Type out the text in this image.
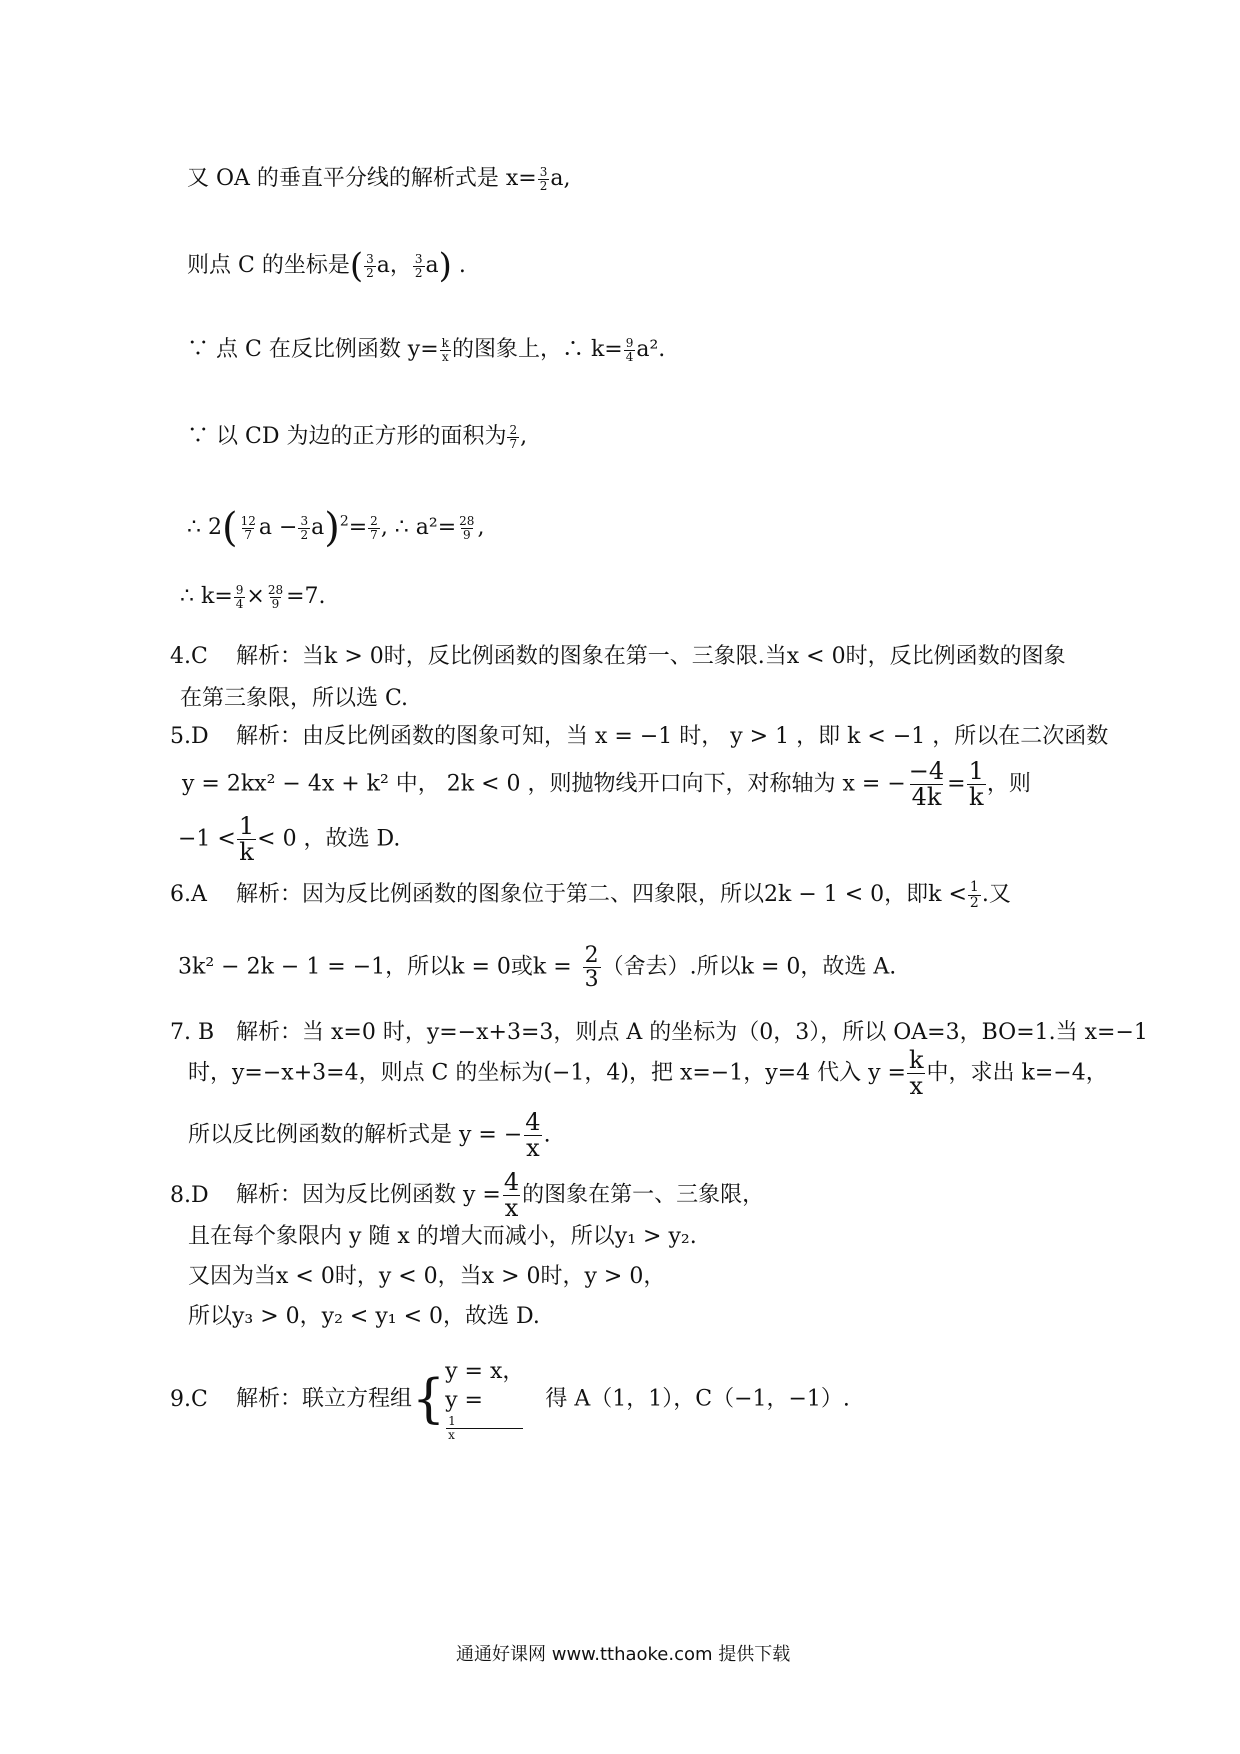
又 OA 的垂直平分线的解析式是 $x= \frac{3}{2} a$,
则点 C 的坐标是( $\frac{3}{2}$ a， $\frac{3}{2} a$) .
∵ 点 C 在反比例函数 $y= \frac{k}{x}$ 的图象上，∴ $k= \frac{9}{4} a^2$.
∵ 以 CD 为边的正方形的面积为 $\frac{2}{7}$ ,
∴ $2( \frac{12}{7}$ $a - \frac{3}{2} a)^2= \frac{2}{7}$ , ∴ $a^2= \frac{28}{9}$ ,
∴ $k= \frac{9}{4} \times \frac{28}{9} =7$.
4.C 解析：当k > 0时，反比例函数的图象在第一、三象限.当x < 0时，反比例函数的图象
在第三象限，所以选 C.
5.D 解析：由反比例函数的图象可知，当 x = −1 时， y > 1 ，即 k < −1 ，所以在二次函数
y = 2kx² − 4x + k² 中， 2k < 0 ，则抛物线开口向下，对称轴为 x = − $\frac{-4}{4k} = \frac{1}{k}$ ，则
$-1 < \frac{1}{k} < 0$ ，故选 D.
6.A 解析：因为反比例函数的图象位于第二、四象限，所以2k − 1 < 0，即$k < \frac{1}{2}$ .又
3k² − 2k − 1 = −1，所以k = 0或$k = \frac{2}{3}$ （舍去）.所以k = 0，故选 A.
7. B 解析：当 x=0 时，y=−x+3=3，则点 A 的坐标为（0，3），所以 OA=3，BO=1.当 x=−1
时，y=−x+3=4，则点 C 的坐标为(−1，4)，把 x=−1，y=4 代入 $y = \frac{k}{x}$ 中，求出 k=−4，
所以反比例函数的解析式是 y = − $\frac{4}{x}$ .
8.D 解析：因为反比例函数 $y = \frac{4}{x}$ 的图象在第一、三象限，
且在每个象限内 y 随 x 的增大而减小，所以y₁ > y₂.
又因为当x < 0时，y < 0，当x > 0时，y > 0，
所以y₃ > 0，y₂ < y₁ < 0，故选 D.
9.C 解析：联立方程组{ y = x，
y =
1
x
得 A（1，1），C（−1，−1）.
通通好课网 www.tthaoke.com 提供下载
